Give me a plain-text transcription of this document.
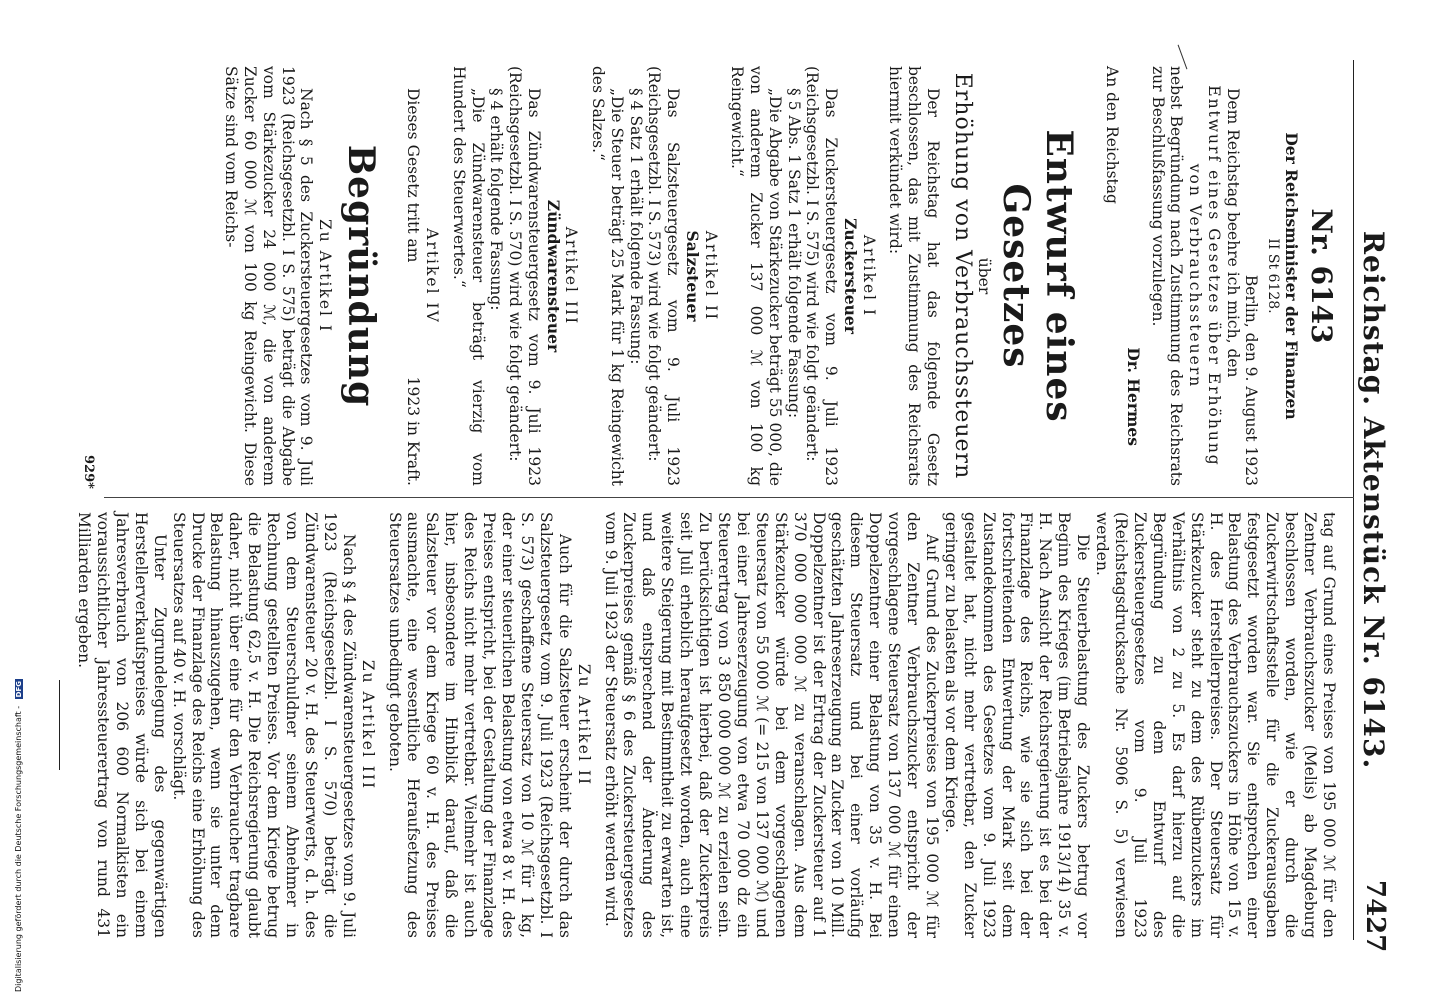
Reichstag. Aktenstück Nr. 6143.
7427

Nr. 6143

Der Reichsminister der Finanzen

II St 6128.

Berlin, den 9. August 1923

Dem Reichstag beehre ich mich, den

Entwurf eines Gesetzes über Erhöhung von Verbrauchssteuern

nebst Begründung nach Zustimmung des Reichsrats zur Beschlußfassung vorzulegen.

Dr. Hermes

An den Reichstag

Entwurf eines Gesetzes

über

Erhöhung von Verbrauchssteuern

Der Reichstag hat das folgende Gesetz beschlossen, das mit Zustimmung des Reichsrats hiermit verkündet wird:

Artikel I

Zuckersteuer

Das Zuckersteuergesetz vom 9. Juli 1923 (Reichsgesetzbl. I S. 575) wird wie folgt geändert:

§ 5 Abs. 1 Satz 1 erhält folgende Fassung:

„Die Abgabe von Stärkezucker beträgt 55 000, die von anderem Zucker 137 000 ℳ von 100 kg Reingewicht.“

Artikel II

Salzsteuer

Das Salzsteuergesetz vom 9. Juli 1923 (Reichsgesetzbl. I S. 573) wird wie folgt geändert:

§ 4 Satz 1 erhält folgende Fassung:

„Die Steuer beträgt 25 Mark für 1 kg Reingewicht des Salzes.“

Artikel III

Zündwarensteuer

Das Zündwarensteuergesetz vom 9. Juli 1923 (Reichsgesetzbl. I S. 570) wird wie folgt geändert:

§ 4 erhält folgende Fassung:

„Die Zündwarensteuer beträgt vierzig vom Hundert des Steuerwertes.“

Artikel IV

Dieses Gesetz tritt am
1923 in Kraft.

Begründung

Zu Artikel I

Nach § 5 des Zuckersteuergesetzes vom 9. Juli 1923 (Reichsgesetzbl. I S. 575) beträgt die Abgabe vom Stärkezucker 24 000 ℳ, die von anderem Zucker 60 000 ℳ von 100 kg Reingewicht. Diese Sätze sind vom Reichs-

tag auf Grund eines Preises von 195 000 ℳ für den Zentner Verbrauchszucker (Melis) ab Magdeburg beschlossen worden, wie er durch die Zuckerwirtschaftsstelle für die Zuckerausgaben festgesetzt worden war. Sie entsprechen einer Belastung des Verbrauchszuckers in Höhe von 15 v. H. des Herstellerpreises. Der Steuersatz für Stärkezucker steht zu dem des Rübenzuckers im Verhältnis von 2 zu 5. Es darf hierzu auf die Begründung zu dem Entwurf des Zuckersteuergesetzes vom 9. Juli 1923 (Reichstagsdrucksache Nr. 5906 S. 5) verwiesen werden.

Die Steuerbelastung des Zuckers betrug vor Beginn des Krieges (im Betriebsjahre 1913/14) 35 v. H. Nach Ansicht der Reichsregierung ist es bei der Finanzlage des Reichs, wie sie sich bei der fortschreitenden Entwertung der Mark seit dem Zustandekommen des Gesetzes vom 9. Juli 1923 gestaltet hat, nicht mehr vertretbar, den Zucker geringer zu belasten als vor dem Kriege.

Auf Grund des Zuckerpreises von 195 000 ℳ für den Zentner Verbrauchszucker entspricht der vorgeschlagene Steuersatz von 137 000 ℳ für einen Doppelzentner einer Belastung von 35 v. H. Bei diesem Steuersatz und bei einer vorläufig geschätzten Jahreserzeugung an Zucker von 10 Mill. Doppelzentner ist der Ertrag der Zuckersteuer auf 1 370 000 000 000 ℳ zu veranschlagen. Aus dem Stärkezucker würde bei dem vorgeschlagenen Steuersatz von 55 000 ℳ (= 215 von 137 000 ℳ) und bei einer Jahreserzeugung von etwa 70 000 dz ein Steuerertrag von 3 850 000 000 ℳ zu erzielen sein. Zu berücksichtigen ist hierbei, daß der Zuckerpreis seit Juli erheblich heraufgesetzt worden, auch eine weitere Steigerung mit Bestimmtheit zu erwarten ist, und daß entsprechend der Änderung des Zuckerpreises gemäß § 6 des Zuckersteuergesetzes vom 9. Juli 1923 der Steuersatz erhöht werden wird.

Zu Artikel II

Auch für die Salzsteuer erscheint der durch das Salzsteuergesetz vom 9. Juli 1923 (Reichsgesetzbl. I S. 573) geschaffene Steuersatz von 10 ℳ für 1 kg, der einer steuerlichen Belastung von etwa 8 v. H. des Preises entspricht, bei der Gestaltung der Finanzlage des Reichs nicht mehr vertretbar. Vielmehr ist auch hier, insbesondere im Hinblick darauf, daß die Salzsteuer vor dem Kriege 60 v. H. des Preises ausmachte, eine wesentliche Heraufsetzung des Steuersatzes unbedingt geboten.

Zu Artikel III

Nach § 4 des Zündwarensteuergesetzes vom 9. Juli 1923 (Reichsgesetzbl. I S. 570) beträgt die Zündwarensteuer 20 v. H. des Steuerwerts, d. h. des von dem Steuerschuldner seinem Abnehmer in Rechnung gestellten Preises. Vor dem Kriege betrug die Belastung 62,5 v. H. Die Reichsregierung glaubt daher, nicht über eine für den Verbraucher tragbare Belastung hinauszugehen, wenn sie unter dem Drucke der Finanzlage des Reichs eine Erhöhung des Steuersatzes auf 40 v. H. vorschlägt.

Unter Zugrundelegung des gegenwärtigen Herstellerverkaufspreises würde sich bei einem Jahresverbrauch von 206 600 Normalkisten ein voraussichtlicher Jahressteuerertrag von rund 431 Milliarden ergeben.

929*
Digitalisierung gefördert durch die Deutsche Forschungsgemeinschaft - DFG
